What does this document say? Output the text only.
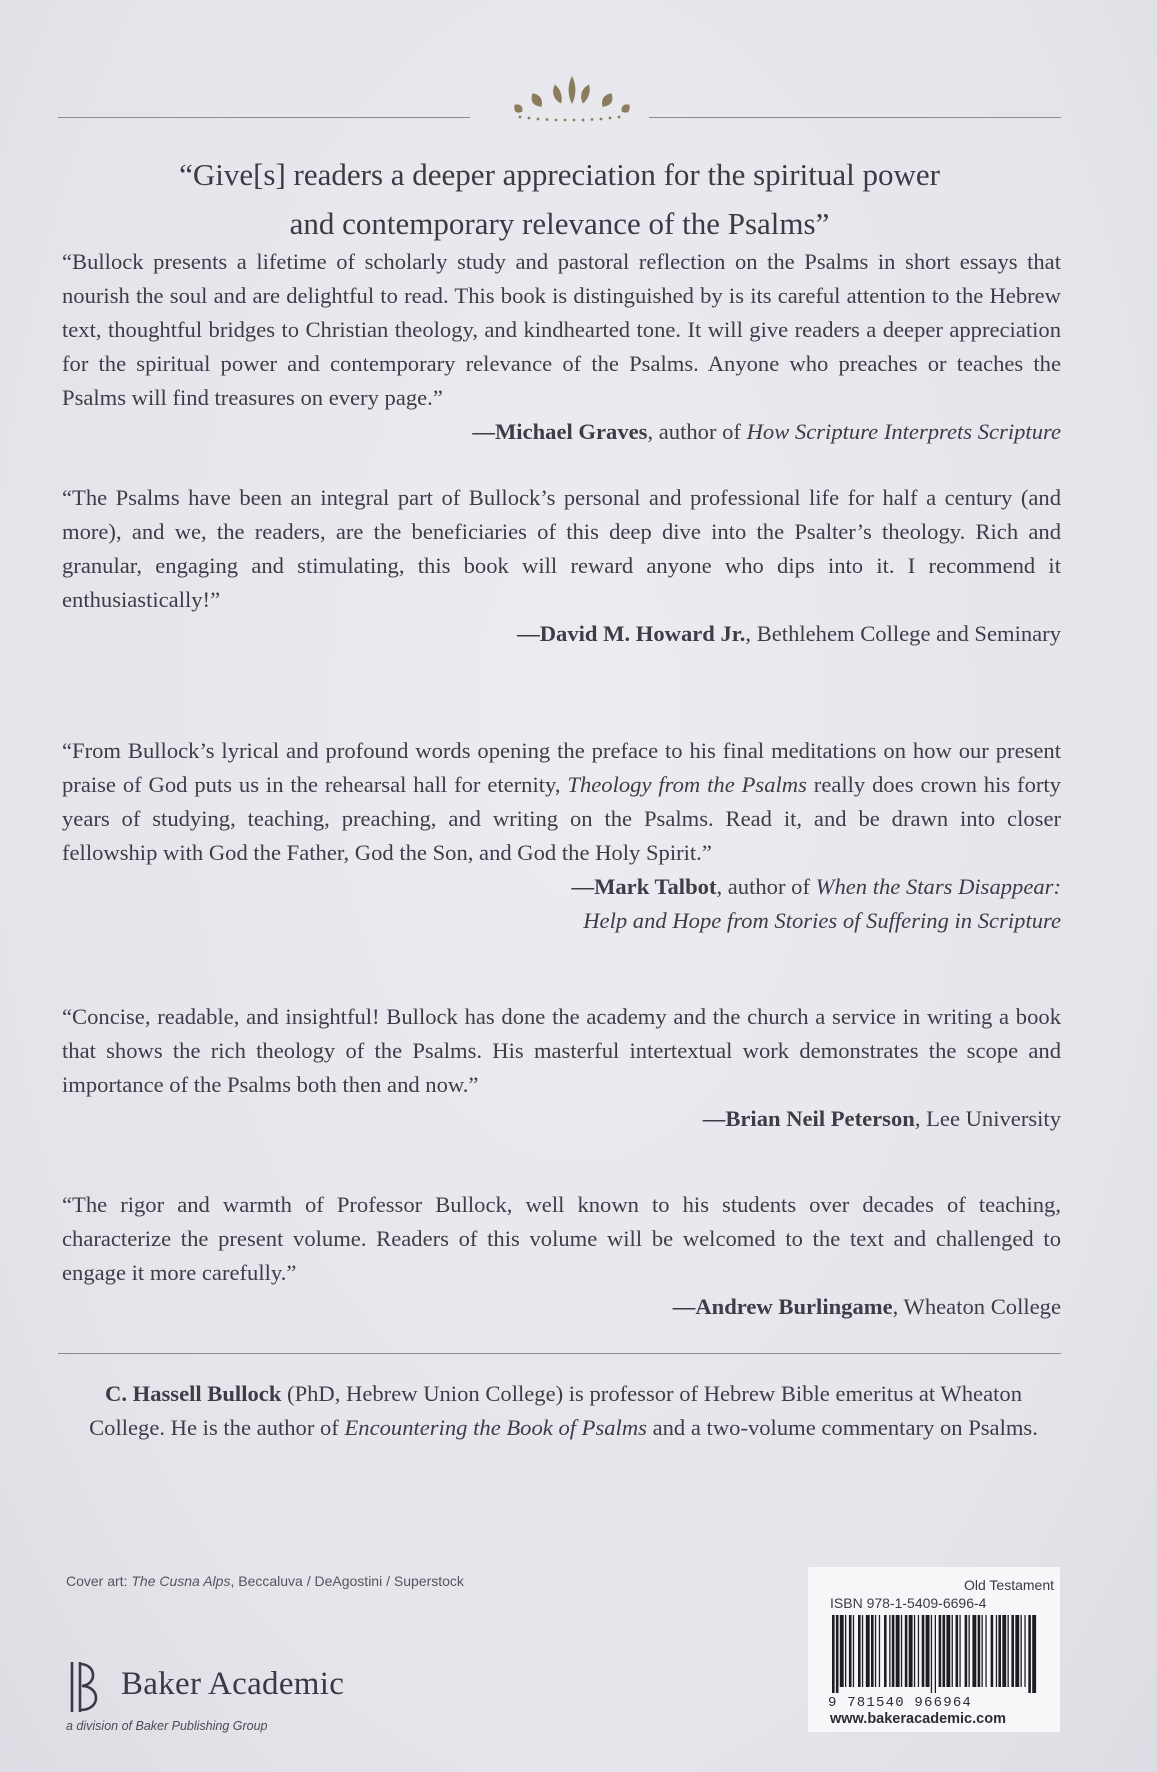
“Give[s] readers a deeper appreciation for the spiritual power
and contemporary relevance of the Psalms”

“Bullock presents a lifetime of scholarly study and pastoral reflection on the Psalms in short essays that nourish the soul and are delightful to read. This book is distinguished by is its careful attention to the Hebrew text, thoughtful bridges to Christian theology, and kindhearted tone. It will give readers a deeper appreciation for the spiritual power and contemporary relevance of the Psalms. Anyone who preaches or teaches the Psalms will find treasures on every page.”

—Michael Graves, author of How Scripture Interprets Scripture

“The Psalms have been an integral part of Bullock’s personal and professional life for half a century (and more), and we, the readers, are the beneficiaries of this deep dive into the Psalter’s theology. Rich and granular, engaging and stimulating, this book will reward anyone who dips into it. I recommend it enthusiastically!”

—David M. Howard Jr., Bethlehem College and Seminary

“From Bullock’s lyrical and profound words opening the preface to his final meditations on how our present praise of God puts us in the rehearsal hall for eternity, Theology from the Psalms really does crown his forty years of studying, teaching, preaching, and writing on the Psalms. Read it, and be drawn into closer fellowship with God the Father, God the Son, and God the Holy Spirit.”

—Mark Talbot, author of When the Stars Disappear:
Help and Hope from Stories of Suffering in Scripture

“Concise, readable, and insightful! Bullock has done the academy and the church a service in writing a book that shows the rich theology of the Psalms. His masterful intertextual work demonstrates the scope and importance of the Psalms both then and now.”

—Brian Neil Peterson, Lee University

“The rigor and warmth of Professor Bullock, well known to his students over decades of teaching, characterize the present volume. Readers of this volume will be welcomed to the text and challenged to engage it more carefully.”

—Andrew Burlingame, Wheaton College
C. Hassell Bullock (PhD, Hebrew Union College) is professor of Hebrew Bible emeritus at Wheaton College. He is the author of Encountering the Book of Psalms and a two-volume commentary on Psalms.
Cover art: The Cusna Alps, Beccaluva / DeAgostini / Superstock
Baker Academic
a division of Baker Publishing Group
Old Testament
ISBN 978-1-5409-6696-4
9 781540 966964
www.bakeracademic.com
